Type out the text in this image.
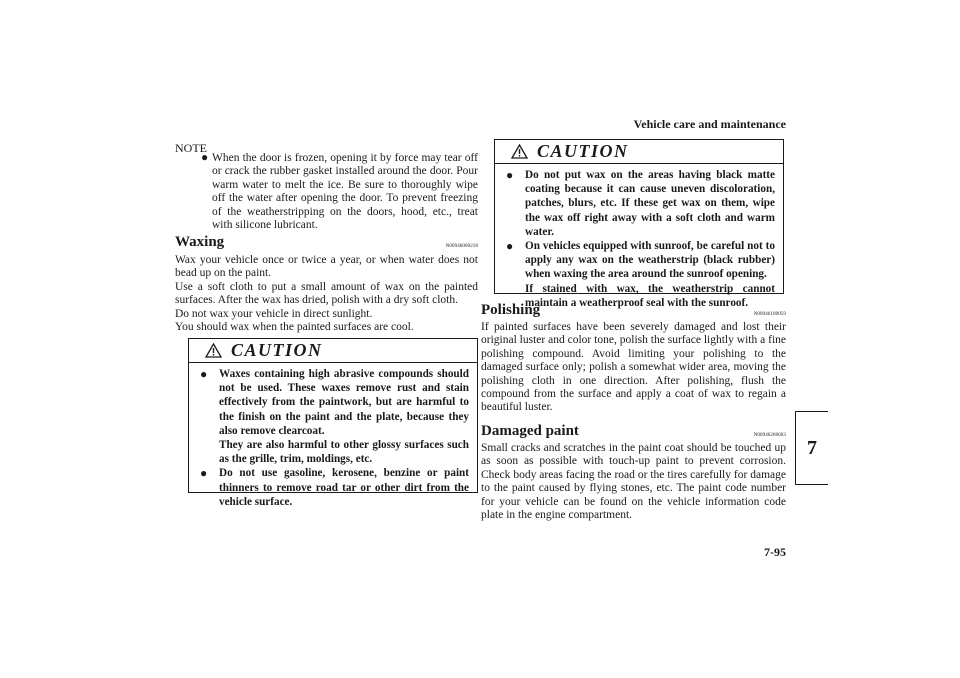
Vehicle care and maintenance
7
7-95
NOTE
● When the door is frozen, opening it by force may tear off or crack the rubber gasket installed around the door. Pour warm water to melt the ice. Be sure to thoroughly wipe off the water after opening the door. To prevent freezing of the weatherstripping on the doors, hood, etc., treat with silicone lubricant.
Waxing	N00946000218

Wax your vehicle once or twice a year, or when water does not bead up on the paint.

Use a soft cloth to put a small amount of wax on the painted surfaces. After the wax has dried, polish with a dry soft cloth.

Do not wax your vehicle in direct sunlight.

You should wax when the painted surfaces are cool.

CAUTION
● Waxes containing high abrasive compounds should not be used. These waxes remove rust and stain effectively from the paintwork, but are harmful to the finish on the paint and the plate, because they also remove clearcoat.
They are also harmful to other glossy surfaces such as the grille, trim, moldings, etc.
● Do not use gasoline, kerosene, benzine or paint thinners to remove road tar or other dirt from the vehicle surface.
CAUTION
● Do not put wax on the areas having black matte coating because it can cause uneven discoloration, patches, blurs, etc. If these get wax on them, wipe the wax off right away with a soft cloth and warm water.
● On vehicles equipped with sunroof, be careful not to apply any wax on the weatherstrip (black rubber) when waxing the area around the sunroof opening.
If stained with wax, the weatherstrip cannot maintain a weatherproof seal with the sunroof.
Polishing	N00946100059

If painted surfaces have been severely damaged and lost their original luster and color tone, polish the surface lightly with a fine polishing compound. Avoid limiting your polishing to the damaged surface only; polish a somewhat wider area, moving the polishing cloth in one direction. After polishing, flush the compound from the surface and apply a coat of wax to regain a beautiful luster.

Damaged paint	N00946200063

Small cracks and scratches in the paint coat should be touched up as soon as possible with touch-up paint to prevent corrosion. Check body areas facing the road or the tires carefully for damage to the paint caused by flying stones, etc. The paint code number for your vehicle can be found on the vehicle information code plate in the engine compartment.
